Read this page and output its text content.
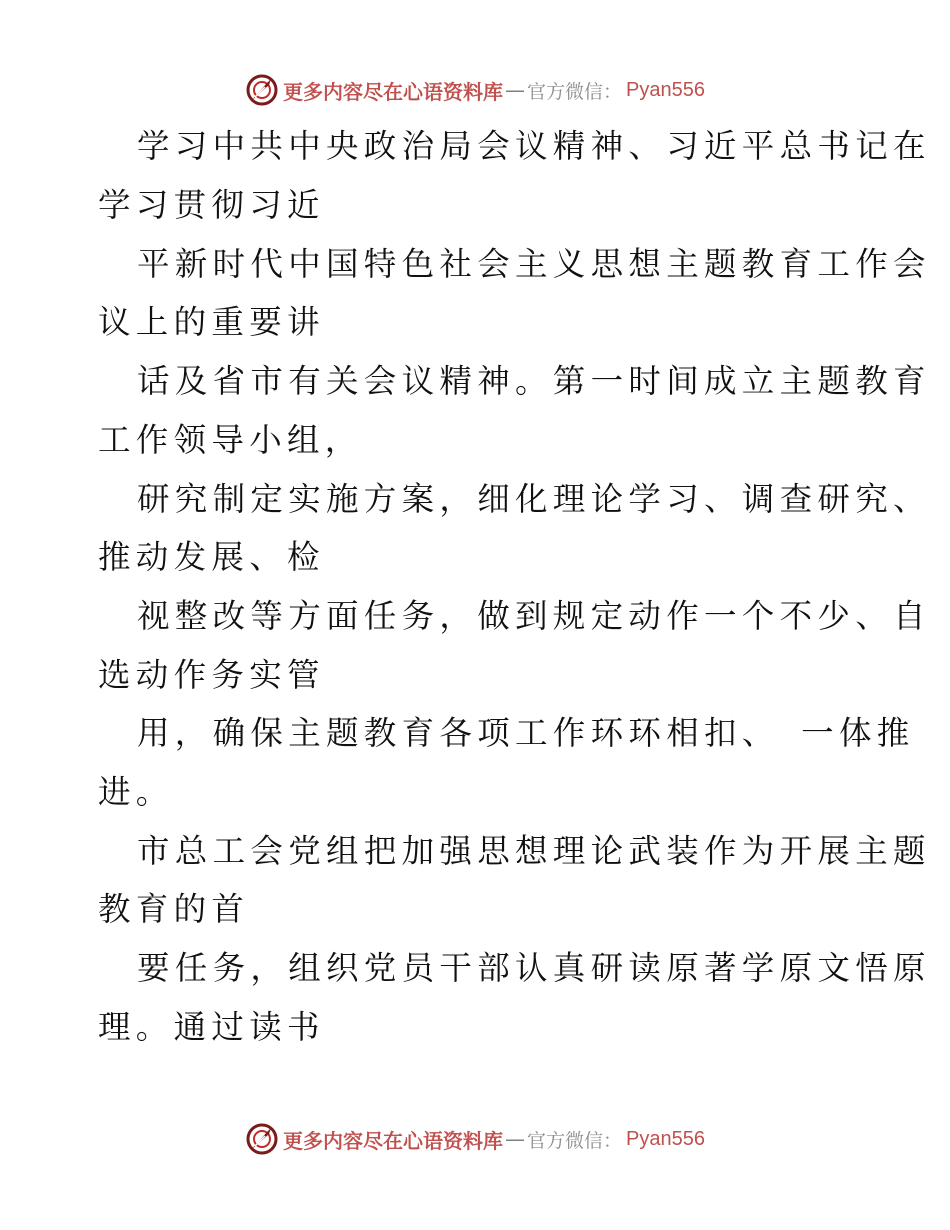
更多内容尽在心语资料库 — 官方微信： Pyan556
学习中共中央政治局会议精神、习近平总书记在
学习贯彻习近
平新时代中国特色社会主义思想主题教育工作会
议上的重要讲
话及省市有关会议精神。第一时间成立主题教育
工作领导小组，
研究制定实施方案，细化理论学习、调查研究、
推动发展、检
视整改等方面任务，做到规定动作一个不少、自
选动作务实管
用，确保主题教育各项工作环环相扣、　一体推
进。
市总工会党组把加强思想理论武装作为开展主题
教育的首
要任务，组织党员干部认真研读原著学原文悟原
理。通过读书
更多内容尽在心语资料库 — 官方微信： Pyan556
